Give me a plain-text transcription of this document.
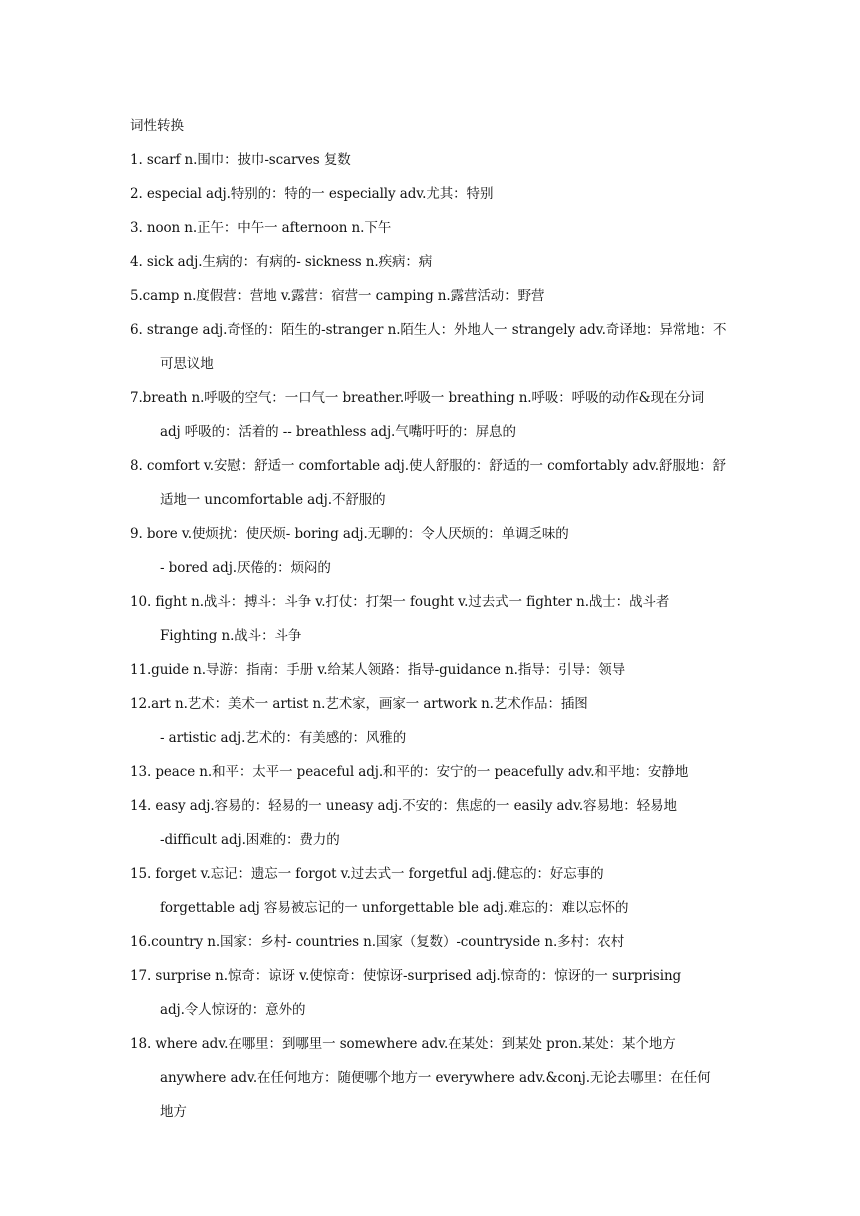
词性转换
1. scarf n.围巾：披巾-scarves 复数
2. especial adj.特别的：特的一 especially adv.尤其：特别
3. noon n.正午：中午一 afternoon n.下午
4. sick adj.生病的：有病的- sickness n.疾病：病
5.camp n.度假营：营地 v.露营：宿营一 camping n.露营活动：野营
6. strange adj.奇怪的：陌生的-stranger n.陌生人：外地人一 strangely adv.奇译地：异常地：不
可思议地
7.breath n.呼吸的空气：一口气一 breather.呼吸一 breathing n.呼吸：呼吸的动作&现在分词
adj 呼吸的：活着的 -- breathless adj.气嘴吁吁的：屏息的
8. comfort v.安慰：舒适一 comfortable adj.使人舒服的：舒适的一 comfortably adv.舒服地：舒
适地一 uncomfortable adj.不舒服的
9. bore v.使烦扰：使厌烦- boring adj.无聊的：令人厌烦的：单调乏味的
- bored adj.厌倦的：烦闷的
10. fight n.战斗：搏斗：斗争 v.打仗：打架一 fought v.过去式一 fighter n.战士：战斗者
Fighting n.战斗：斗争
11.guide n.导游：指南：手册 v.给某人领路：指导-guidance n.指导：引导：领导
12.art n.艺术：美术一 artist n.艺术家，画家一 artwork n.艺术作品：插图
- artistic adj.艺术的：有美感的：风雅的
13. peace n.和平：太平一 peaceful adj.和平的：安宁的一 peacefully adv.和平地：安静地
14. easy adj.容易的：轻易的一 uneasy adj.不安的：焦虑的一 easily adv.容易地：轻易地
-difficult adj.困难的：费力的
15. forget v.忘记：遗忘一 forgot v.过去式一 forgetful adj.健忘的：好忘事的
forgettable adj 容易被忘记的一 unforgettable ble adj.难忘的：难以忘怀的
16.country n.国家：乡村- countries n.国家（复数）-countryside n.多村：农村
17. surprise n.惊奇：谅讶 v.使惊奇：使惊讶-surprised adj.惊奇的：惊讶的一 surprising
adj.令人惊讶的：意外的
18. where adv.在哪里：到哪里一 somewhere adv.在某处：到某处 pron.某处：某个地方
anywhere adv.在任何地方：随便哪个地方一 everywhere adv.&conj.无论去哪里：在任何
地方
